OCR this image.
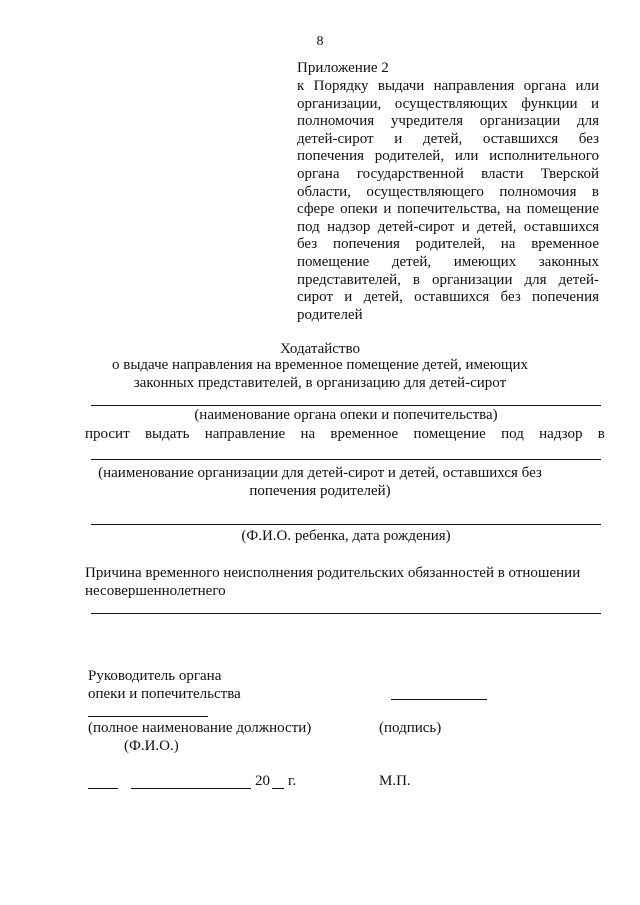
8
Приложение 2
к Порядку выдачи направления органа или организации, осуществляющих функции и полномочия учредителя организации для детей-сирот и детей, оставшихся без попечения родителей, или исполнительного органа государственной власти Тверской области, осуществляющего полномочия в сфере опеки и попечительства, на помещение под надзор детей-сирот и детей, оставшихся без попечения родителей, на временное помещение детей, имеющих законных представителей, в организации для детей-сирот и детей, оставшихся без попечения родителей
Ходатайство
о выдаче направления на временное помещение детей, имеющих законных представителей, в организацию для детей-сирот
(наименование органа опеки и попечительства)
просит выдать направление на временное помещение под надзор в
(наименование организации для детей-сирот и детей, оставшихся без попечения родителей)
(Ф.И.О. ребенка, дата рождения)
Причина временного неисполнения родительских обязанностей в отношении несовершеннолетнего
Руководитель органа
опеки и попечительства
(полное наименование должности)	(подпись)
(Ф.И.О.)
20 г.	М.П.
